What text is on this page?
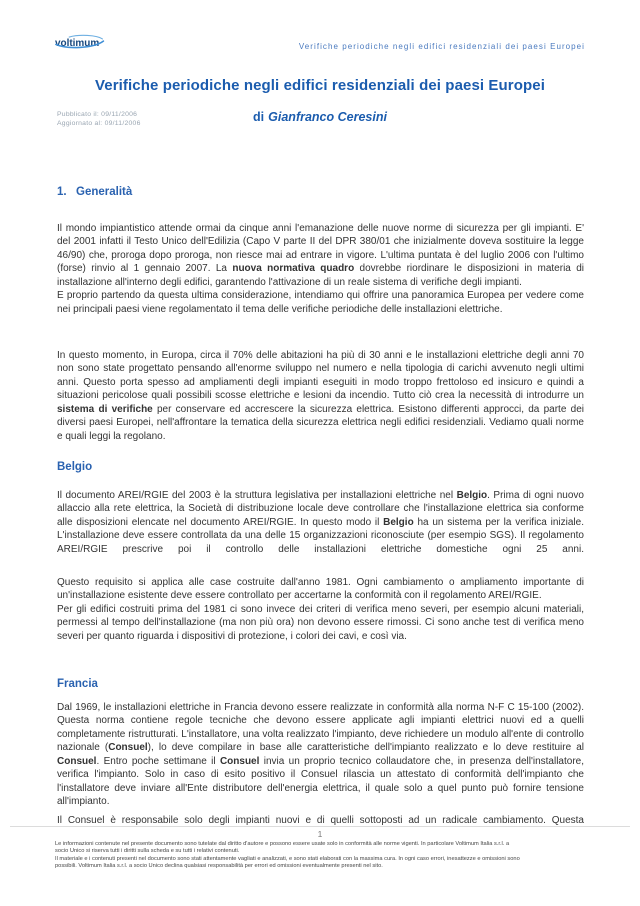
voltimum	Verifiche periodiche negli edifici residenziali dei paesi Europei
Verifiche periodiche negli edifici residenziali dei paesi Europei
Pubblicato il: 09/11/2006
Aggiornato al: 09/11/2006	di Gianfranco Ceresini
1. Generalità
Il mondo impiantistico attende ormai da cinque anni l'emanazione delle nuove norme di sicurezza per gli impianti. E' del 2001 infatti il Testo Unico dell'Edilizia (Capo V parte II del DPR 380/01 che inizialmente doveva sostituire la legge 46/90) che, proroga dopo proroga, non riesce mai ad entrare in vigore. L'ultima puntata è del luglio 2006 con l'ultimo (forse) rinvio al 1 gennaio 2007. La nuova normativa quadro dovrebbe riordinare le disposizioni in materia di installazione all'interno degli edifici, garantendo l'attivazione di un reale sistema di verifiche degli impianti.
E proprio partendo da questa ultima considerazione, intendiamo qui offrire una panoramica Europea per vedere come nei principali paesi viene regolamentato il tema delle verifiche periodiche delle installazioni elettriche.
In questo momento, in Europa, circa il 70% delle abitazioni ha più di 30 anni e le installazioni elettriche degli anni 70 non sono state progettato pensando all'enorme sviluppo nel numero e nella tipologia di carichi avvenuto negli ultimi anni. Questo porta spesso ad ampliamenti degli impianti eseguiti in modo troppo frettoloso ed insicuro e quindi a situazioni pericolose quali possibili scosse elettriche e lesioni da incendio. Tutto ciò crea la necessità di introdurre un sistema di verifiche per conservare ed accrescere la sicurezza elettrica. Esistono differenti approcci, da parte dei diversi paesi Europei, nell'affrontare la tematica della sicurezza elettrica negli edifici residenziali. Vediamo quali norme e quali leggi la regolano.
Belgio
Il documento AREI/RGIE del 2003 è la struttura legislativa per installazioni elettriche nel Belgio. Prima di ogni nuovo allaccio alla rete elettrica, la Società di distribuzione locale deve controllare che l'installazione elettrica sia conforme alle disposizioni elencate nel documento AREI/RGIE. In questo modo il Belgio ha un sistema per la verifica iniziale. L'installazione deve essere controllata da una delle 15 organizzazioni riconosciute (per esempio SGS). Il regolamento AREI/RGIE prescrive poi il controllo delle installazioni elettriche domestiche ogni 25 anni.
Questo requisito si applica alle case costruite dall'anno 1981. Ogni cambiamento o ampliamento importante di un'installazione esistente deve essere controllato per accertarne la conformità con il regolamento AREI/RGIE.
Per gli edifici costruiti prima del 1981 ci sono invece dei criteri di verifica meno severi, per esempio alcuni materiali, permessi al tempo dell'installazione (ma non più ora) non devono essere rimossi. Ci sono anche test di verifica meno severi per quanto riguarda i dispositivi di protezione, i colori dei cavi, e così via.
Francia
Dal 1969, le installazioni elettriche in Francia devono essere realizzate in conformità alla norma N-F C 15-100 (2002). Questa norma contiene regole tecniche che devono essere applicate agli impianti elettrici nuovi ed a quelli completamente ristrutturati. L'installatore, una volta realizzato l'impianto, deve richiedere un modulo all'ente di controllo nazionale (Consuel), lo deve compilare in base alle caratteristiche dell'impianto realizzato e lo deve restituire al Consuel. Entro poche settimane il Consuel invia un proprio tecnico collaudatore che, in presenza dell'installatore, verifica l'impianto. Solo in caso di esito positivo il Consuel rilascia un attestato di conformità dell'impianto che l'installatore deve inviare all'Ente distributore dell'energia elettrica, il quale solo a quel punto può fornire tensione all'impianto.
Il Consuel è responsabile solo degli impianti nuovi e di quelli sottoposti ad un radicale cambiamento. Questa
1
Le informazioni contenute nel presente documento sono tutelate dal diritto d'autore e possono essere usate solo in conformità alle norme vigenti. In particolare Voltimum Italia s.r.l. a
socio Unico si riserva tutti i diritti sulla scheda e su tutti i relativi contenuti.
Il materiale e i contenuti presenti nel documento sono stati attentamente vagliati e analizzati, e sono stati elaborati con la massima cura. In ogni caso errori, inesattezze e omissioni sono
possibili. Voltimum Italia s.r.l. a socio Unico declina qualsiasi responsabilità per errori ed omissioni eventualmente presenti nel sito.
